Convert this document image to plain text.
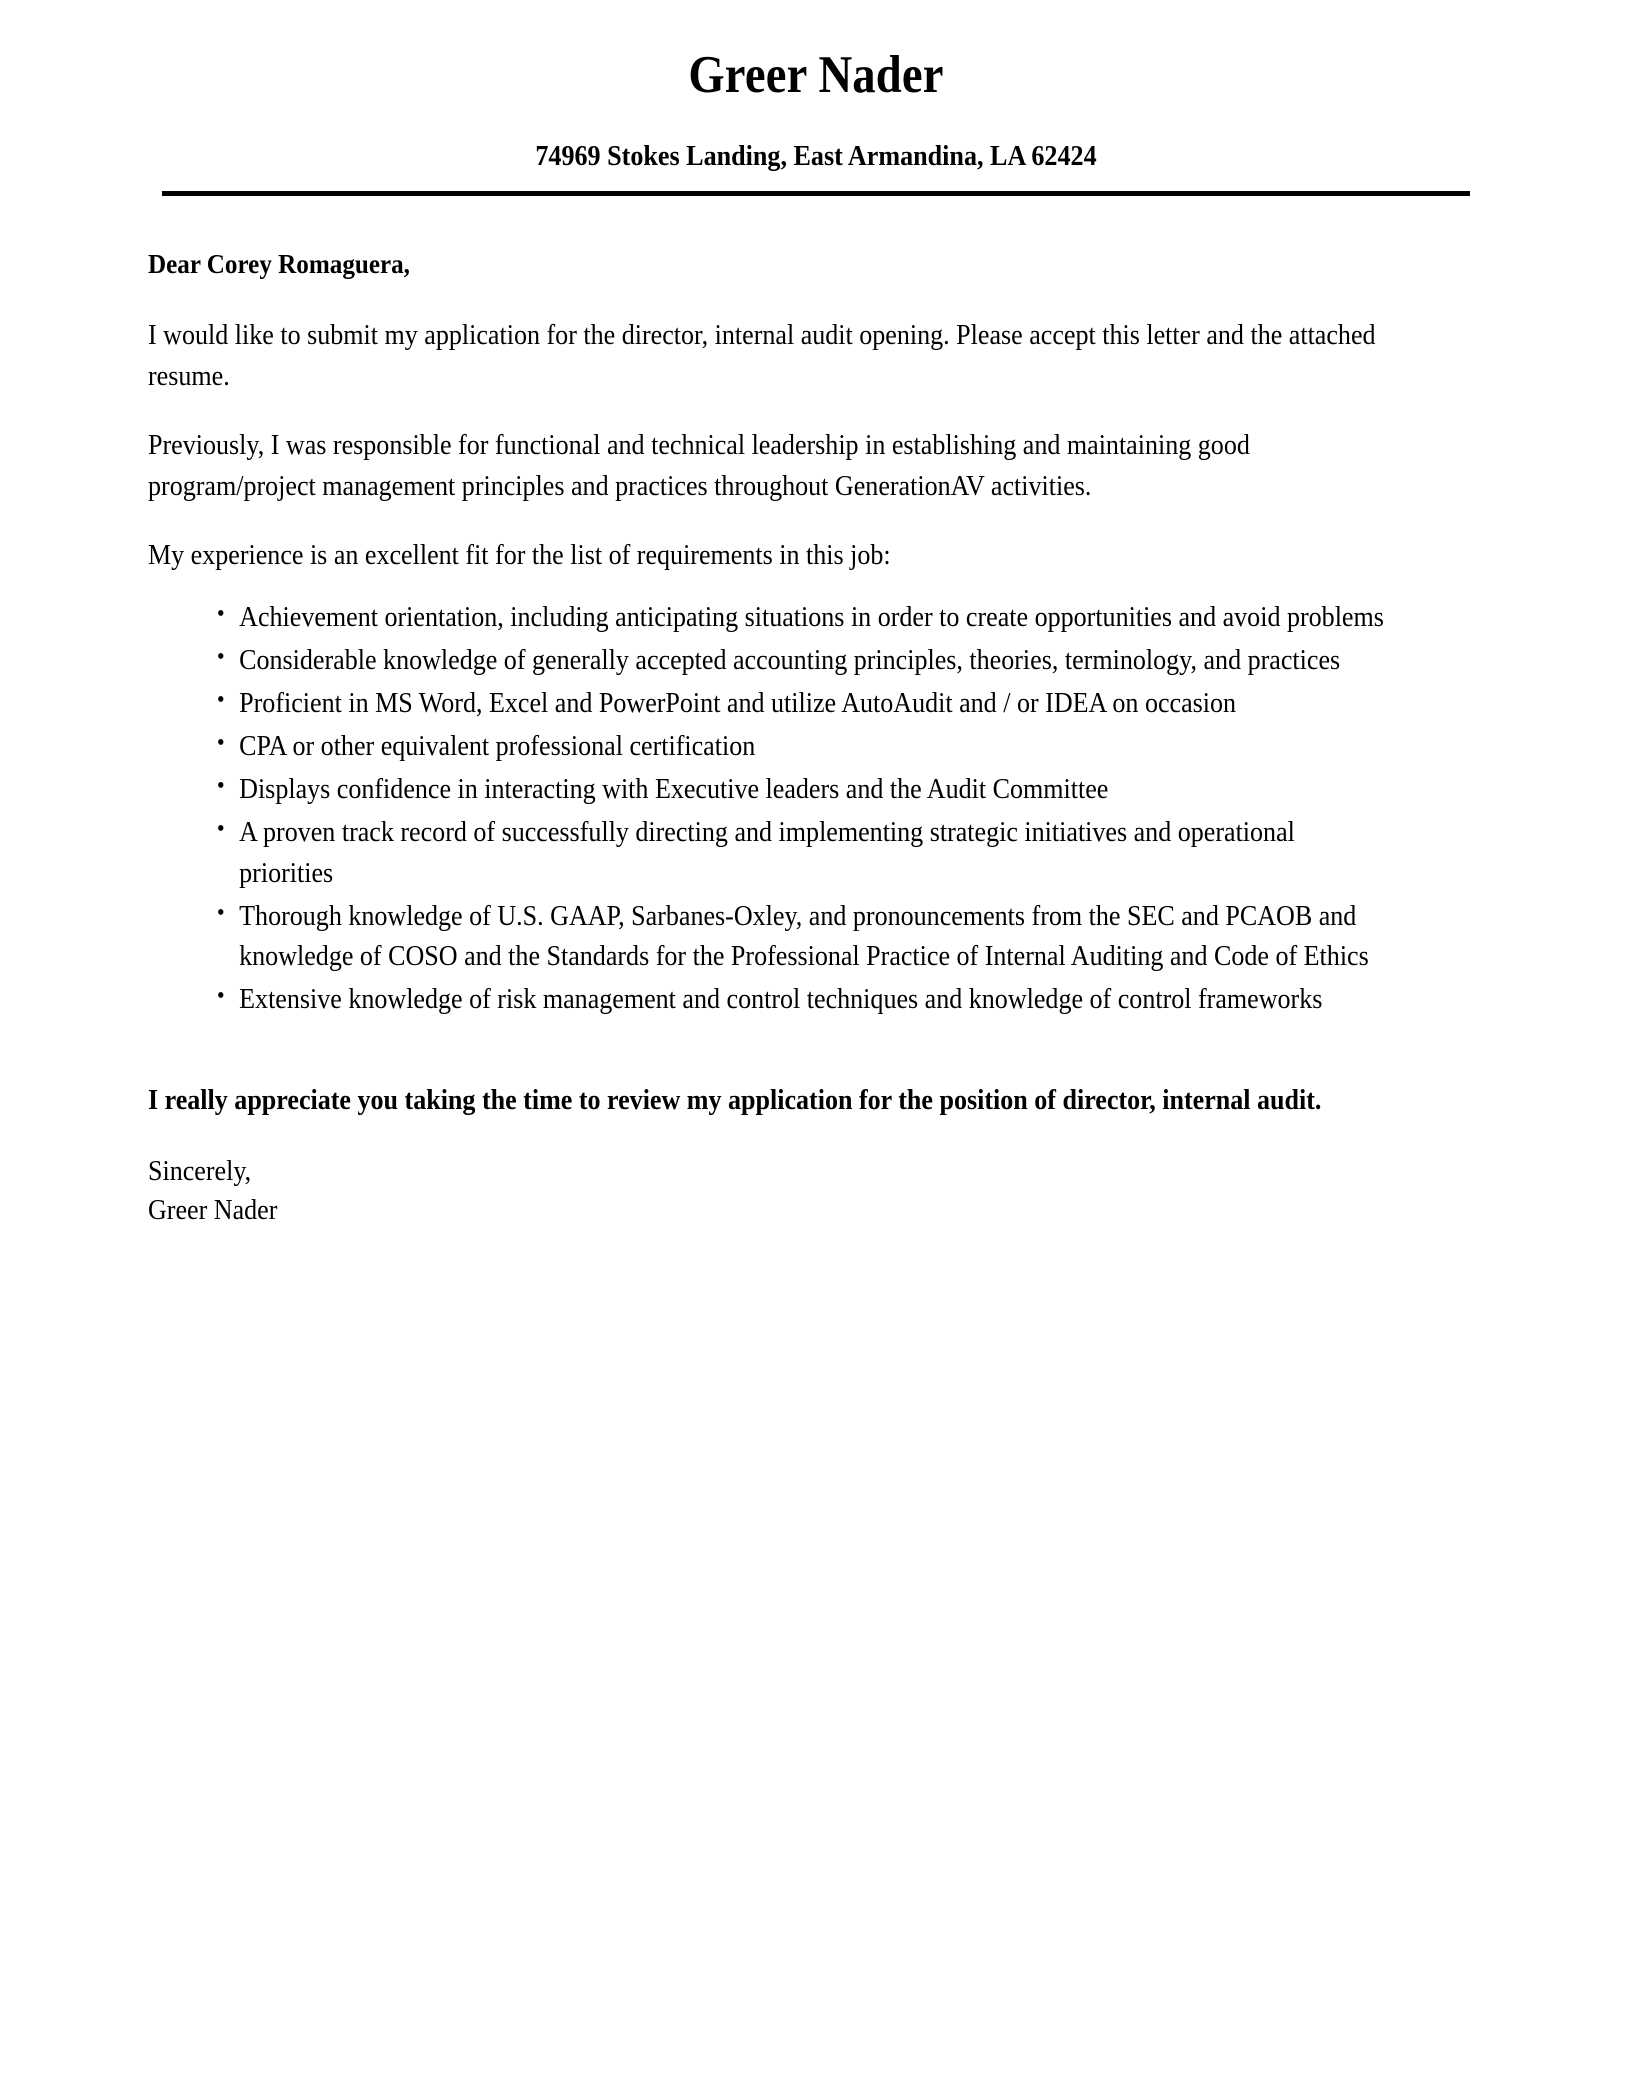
Greer Nader

74969 Stokes Landing, East Armandina, LA 62424

Dear Corey Romaguera,

I would like to submit my application for the director, internal audit opening. Please accept this letter and the attached resume.

Previously, I was responsible for functional and technical leadership in establishing and maintaining good program/project management principles and practices throughout GenerationAV activities.

My experience is an excellent fit for the list of requirements in this job:

• Achievement orientation, including anticipating situations in order to create opportunities and avoid problems
• Considerable knowledge of generally accepted accounting principles, theories, terminology, and practices
• Proficient in MS Word, Excel and PowerPoint and utilize AutoAudit and / or IDEA on occasion
• CPA or other equivalent professional certification
• Displays confidence in interacting with Executive leaders and the Audit Committee
• A proven track record of successfully directing and implementing strategic initiatives and operational priorities
• Thorough knowledge of U.S. GAAP, Sarbanes-Oxley, and pronouncements from the SEC and PCAOB and knowledge of COSO and the Standards for the Professional Practice of Internal Auditing and Code of Ethics
• Extensive knowledge of risk management and control techniques and knowledge of control frameworks

I really appreciate you taking the time to review my application for the position of director, internal audit.

Sincerely,
Greer Nader
